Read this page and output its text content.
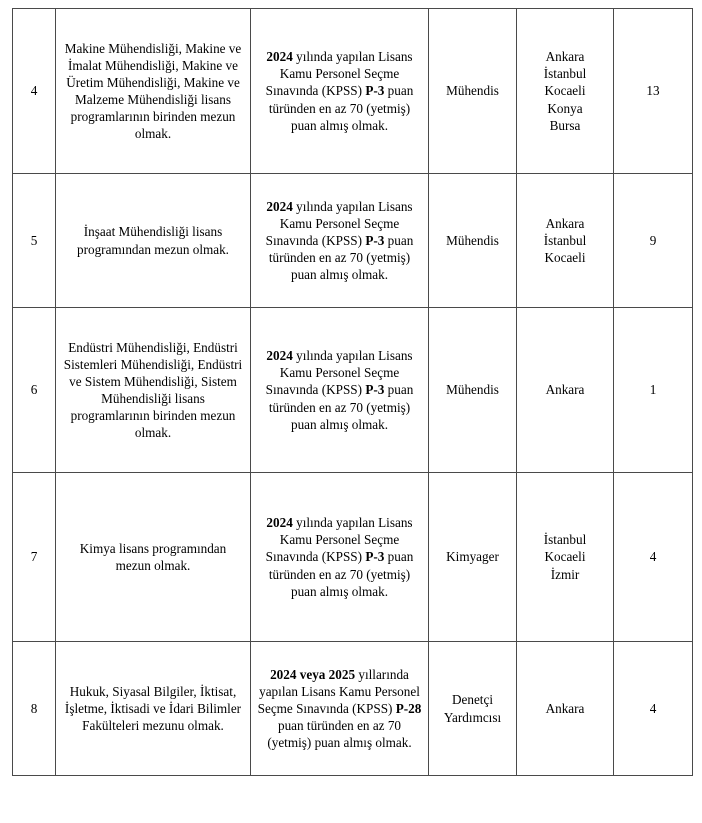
4	Makine Mühendisliği, Makine ve İmalat Mühendisliği, Makine ve Üretim Mühendisliği, Makine ve Malzeme Mühendisliği lisans programlarının birinden mezun olmak.	2024 yılında yapılan Lisans Kamu Personel Seçme Sınavında (KPSS) P-3 puan türünden en az 70 (yetmiş) puan almış olmak.	Mühendis	Ankara
İstanbul
Kocaeli
Konya
Bursa	13
5	İnşaat Mühendisliği lisans programından mezun olmak.	2024 yılında yapılan Lisans Kamu Personel Seçme Sınavında (KPSS) P-3 puan türünden en az 70 (yetmiş) puan almış olmak.	Mühendis	Ankara
İstanbul
Kocaeli	9
6	Endüstri Mühendisliği, Endüstri Sistemleri Mühendisliği, Endüstri ve Sistem Mühendisliği, Sistem Mühendisliği lisans programlarının birinden mezun olmak.	2024 yılında yapılan Lisans Kamu Personel Seçme Sınavında (KPSS) P-3 puan türünden en az 70 (yetmiş) puan almış olmak.	Mühendis	Ankara	1
7	Kimya lisans programından mezun olmak.	2024 yılında yapılan Lisans Kamu Personel Seçme Sınavında (KPSS) P-3 puan türünden en az 70 (yetmiş) puan almış olmak.	Kimyager	İstanbul
Kocaeli
İzmir	4
8	Hukuk, Siyasal Bilgiler, İktisat, İşletme, İktisadi ve İdari Bilimler Fakülteleri mezunu olmak.	2024 veya 2025 yıllarında yapılan Lisans Kamu Personel Seçme Sınavında (KPSS) P-28 puan türünden en az 70 (yetmiş) puan almış olmak.	Denetçi Yardımcısı	Ankara	4
